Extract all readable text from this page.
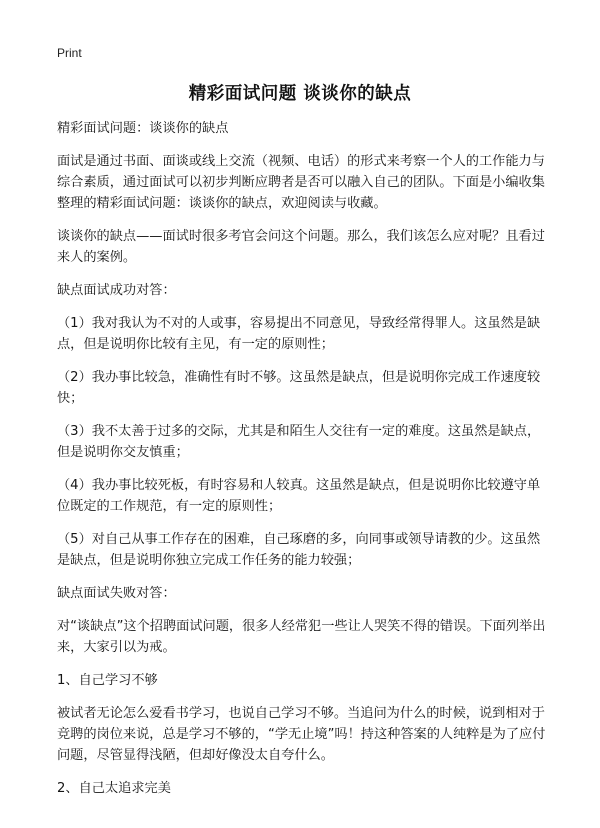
Print
精彩面试问题 谈谈你的缺点

精彩面试问题：谈谈你的缺点

面试是通过书面、面谈或线上交流（视频、电话）的形式来考察一个人的工作能力与综合素质，通过面试可以初步判断应聘者是否可以融入自己的团队。下面是小编收集整理的精彩面试问题：谈谈你的缺点，欢迎阅读与收藏。

谈谈你的缺点——面试时很多考官会问这个问题。那么，我们该怎么应对呢？且看过来人的案例。

缺点面试成功对答：

（1）我对我认为不对的人或事，容易提出不同意见，导致经常得罪人。这虽然是缺点，但是说明你比较有主见，有一定的原则性；

（2）我办事比较急，准确性有时不够。这虽然是缺点，但是说明你完成工作速度较快；

（3）我不太善于过多的交际，尤其是和陌生人交往有一定的难度。这虽然是缺点，但是说明你交友慎重；

（4）我办事比较死板，有时容易和人较真。这虽然是缺点，但是说明你比较遵守单位既定的工作规范，有一定的原则性；

（5）对自己从事工作存在的困难，自己琢磨的多，向同事或领导请教的少。这虽然是缺点，但是说明你独立完成工作任务的能力较强；

缺点面试失败对答：

对“谈缺点”这个招聘面试问题，很多人经常犯一些让人哭笑不得的错误。下面列举出来，大家引以为戒。

1、自己学习不够

被试者无论怎么爱看书学习，也说自己学习不够。当追问为什么的时候，说到相对于竞聘的岗位来说，总是学习不够的，“学无止境”吗！持这种答案的人纯粹是为了应付问题，尽管显得浅陋，但却好像没太自夸什么。

2、自己太追求完美
